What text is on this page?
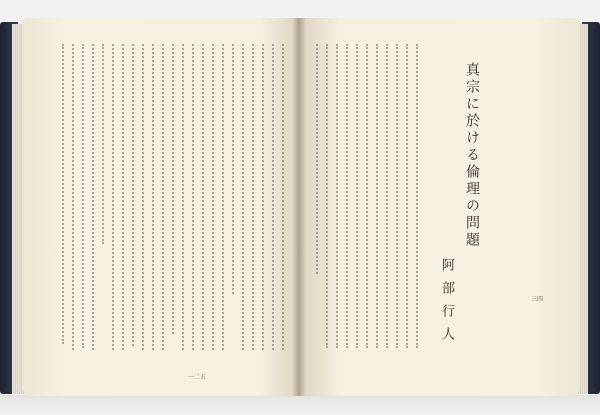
真宗に於ける倫理の問題
阿部行人
一二五
三四
